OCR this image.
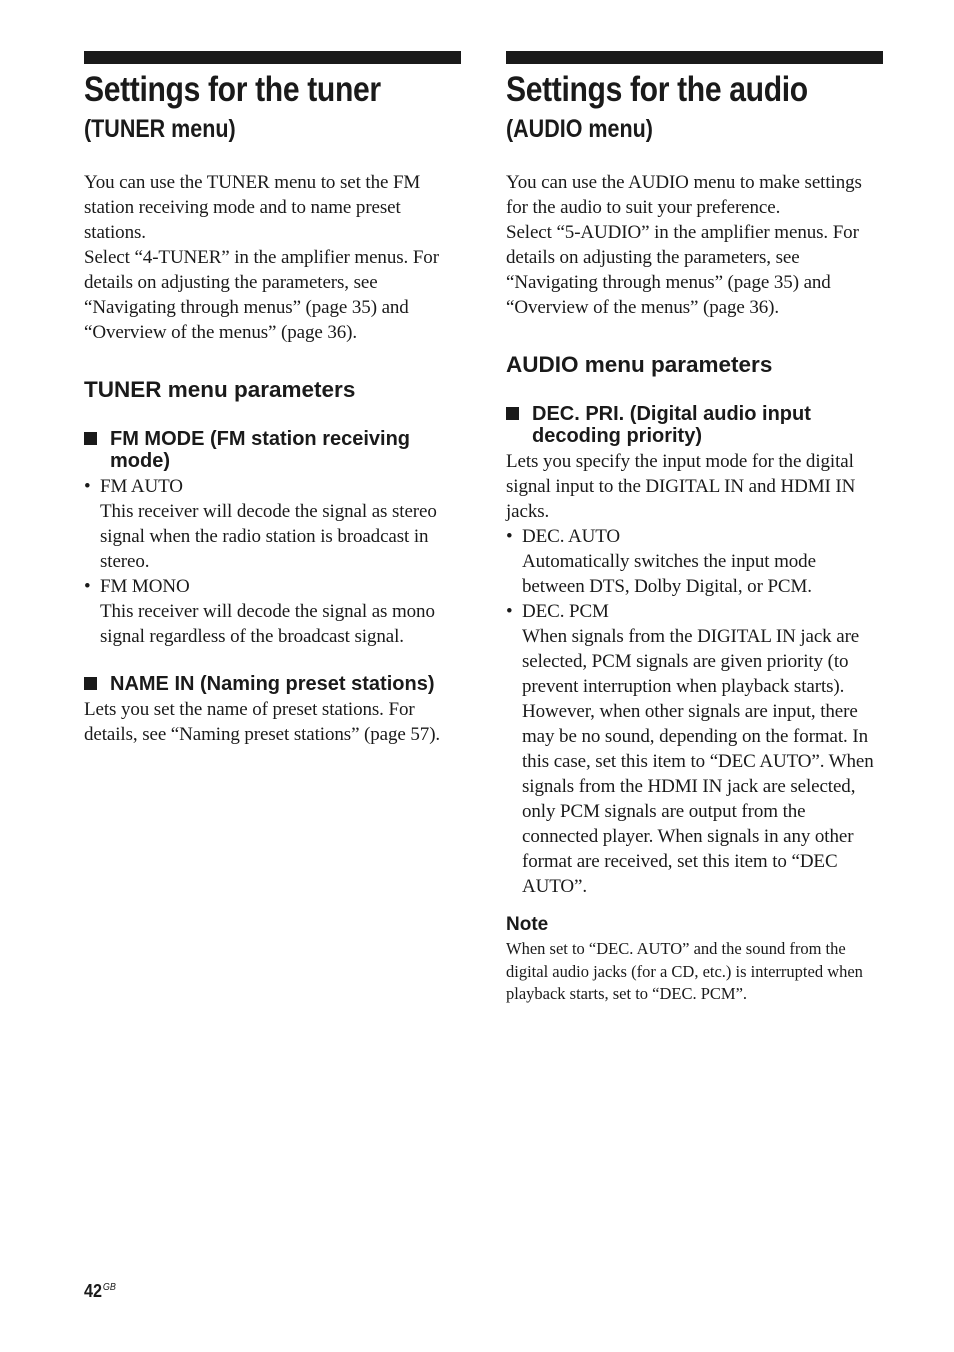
Settings for the tuner
(TUNER menu)

You can use the TUNER menu to set the FM station receiving mode and to name preset stations.

Select “4-TUNER” in the amplifier menus. For details on adjusting the parameters, see “Navigating through menus” (page 35) and “Overview of the menus” (page 36).

TUNER menu parameters
FM MODE (FM station receiving mode)
• FM AUTO
This receiver will decode the signal as stereo signal when the radio station is broadcast in stereo.
• FM MONO
This receiver will decode the signal as mono signal regardless of the broadcast signal.
NAME IN (Naming preset stations)

Lets you set the name of preset stations. For details, see “Naming preset stations” (page 57).

Settings for the audio
(AUDIO menu)

You can use the AUDIO menu to make settings for the audio to suit your preference.

Select “5-AUDIO” in the amplifier menus. For details on adjusting the parameters, see “Navigating through menus” (page 35) and “Overview of the menus” (page 36).

AUDIO menu parameters
DEC. PRI. (Digital audio input decoding priority)

Lets you specify the input mode for the digital signal input to the DIGITAL IN and HDMI IN jacks.

• DEC. AUTO
Automatically switches the input mode between DTS, Dolby Digital, or PCM.
• DEC. PCM
When signals from the DIGITAL IN jack are selected, PCM signals are given priority (to prevent interruption when playback starts). However, when other signals are input, there may be no sound, depending on the format. In this case, set this item to “DEC AUTO”. When signals from the HDMI IN jack are selected, only PCM signals are output from the connected player. When signals in any other format are received, set this item to “DEC AUTO”.
Note

When set to “DEC. AUTO” and the sound from the digital audio jacks (for a CD, etc.) is interrupted when playback starts, set to “DEC. PCM”.

$42^{GB}$
